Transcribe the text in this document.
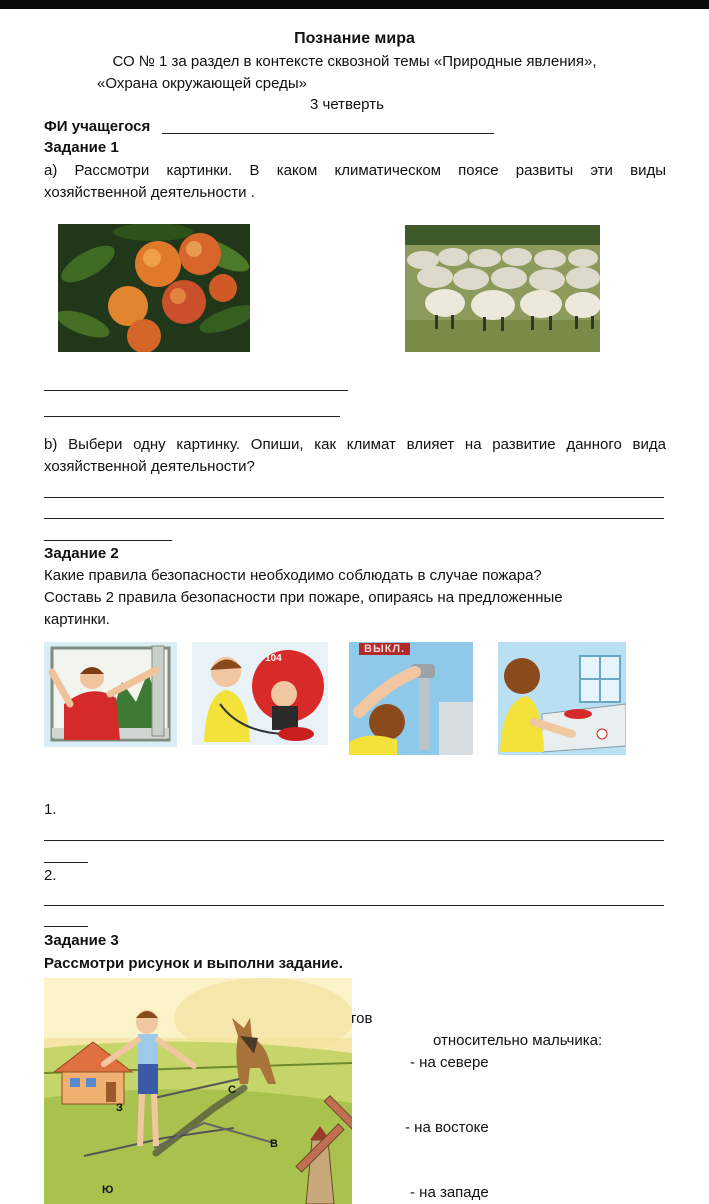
Познание мира
СО № 1 за раздел в контексте сквозной темы «Природные явления»,
«Охрана окружающей среды»
3 четверть
ФИ учащегося
Задание 1
а) Рассмотри картинки. В каком климатическом поясе развиты эти виды
хозяйственной деятельности .
b) Выбери одну картинку. Опиши, как климат влияет на развитие данного вида
хозяйственной деятельности?
Задание 2
Какие правила безопасности необходимо соблюдать в случае пожара?
Составь 2 правила безопасности при пожаре, опираясь на предложенные
картинки.
104
ВЫКЛ.
1.
2.
Задание 3
Рассмотри рисунок и выполни задание.
З
В
С
Ю
гов
относительно мальчика:
- на севере
- на востоке
- на западе
